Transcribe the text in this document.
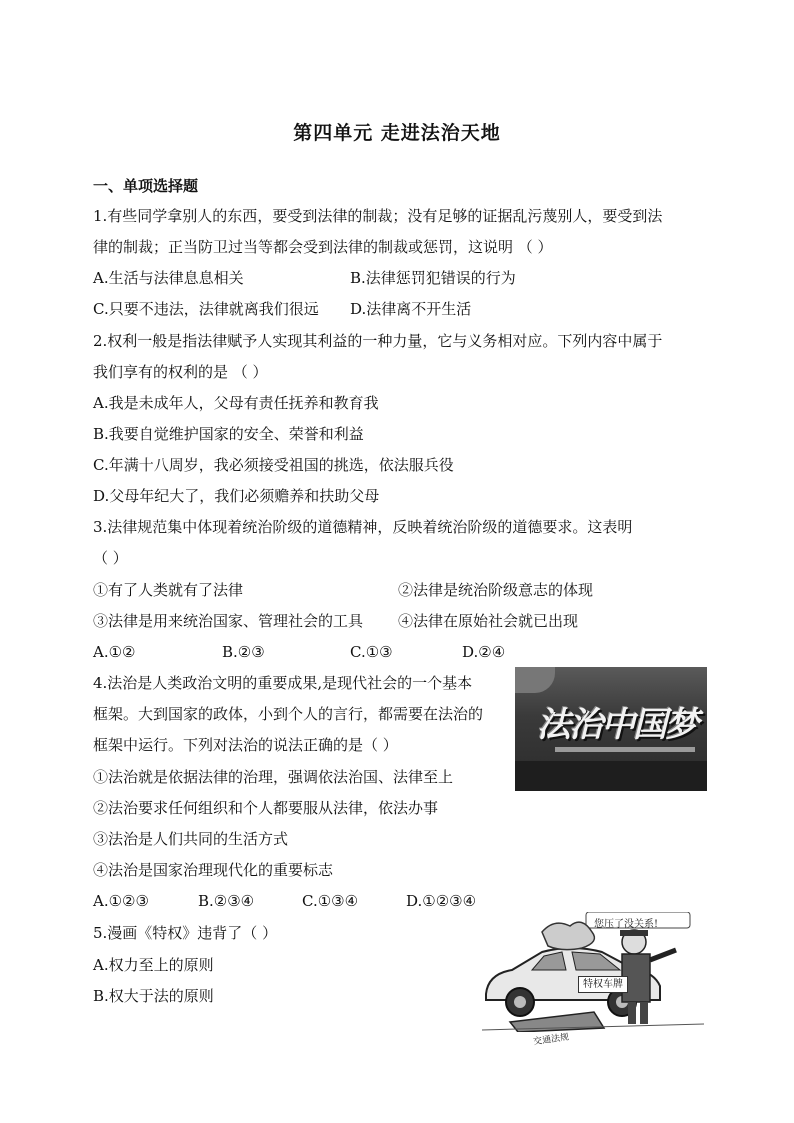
第四单元 走进法治天地
一、单项选择题
1.有些同学拿别人的东西，要受到法律的制裁；没有足够的证据乱污蔑别人，要受到法
律的制裁；正当防卫过当等都会受到法律的制裁或惩罚，这说明 （ ）
A.生活与法律息息相关	B.法律惩罚犯错误的行为
C.只要不违法，法律就离我们很远 D.法律离不开生活
2.权利一般是指法律赋予人实现其利益的一种力量，它与义务相对应。下列内容中属于
我们享有的权利的是 （ ）
A.我是未成年人，父母有责任抚养和教育我
B.我要自觉维护国家的安全、荣誉和利益
C.年满十八周岁，我必须接受祖国的挑选，依法服兵役
D.父母年纪大了，我们必须赡养和扶助父母
3.法律规范集中体现着统治阶级的道德精神，反映着统治阶级的道德要求。这表明
（ ）
①有了人类就有了法律	②法律是统治阶级意志的体现
③法律是用来统治国家、管理社会的工具 ④法律在原始社会就已出现
A.①②	B.②③	C.①③	D.②④
4.法治是人类政治文明的重要成果,是现代社会的一个基本
框架。大到国家的政体，小到个人的言行，都需要在法治的
框架中运行。下列对法治的说法正确的是（ ）
①法治就是依据法律的治理，强调依法治国、法律至上
②法治要求任何组织和个人都要服从法律，依法办事
③法治是人们共同的生活方式
④法治是国家治理现代化的重要标志
A.①②③	B.②③④	C.①③④	D.①②③④
法治中国梦
5.漫画《特权》违背了（ ）
A.权力至上的原则
B.权大于法的原则
您压了没关系!
特权车牌
交通法规
